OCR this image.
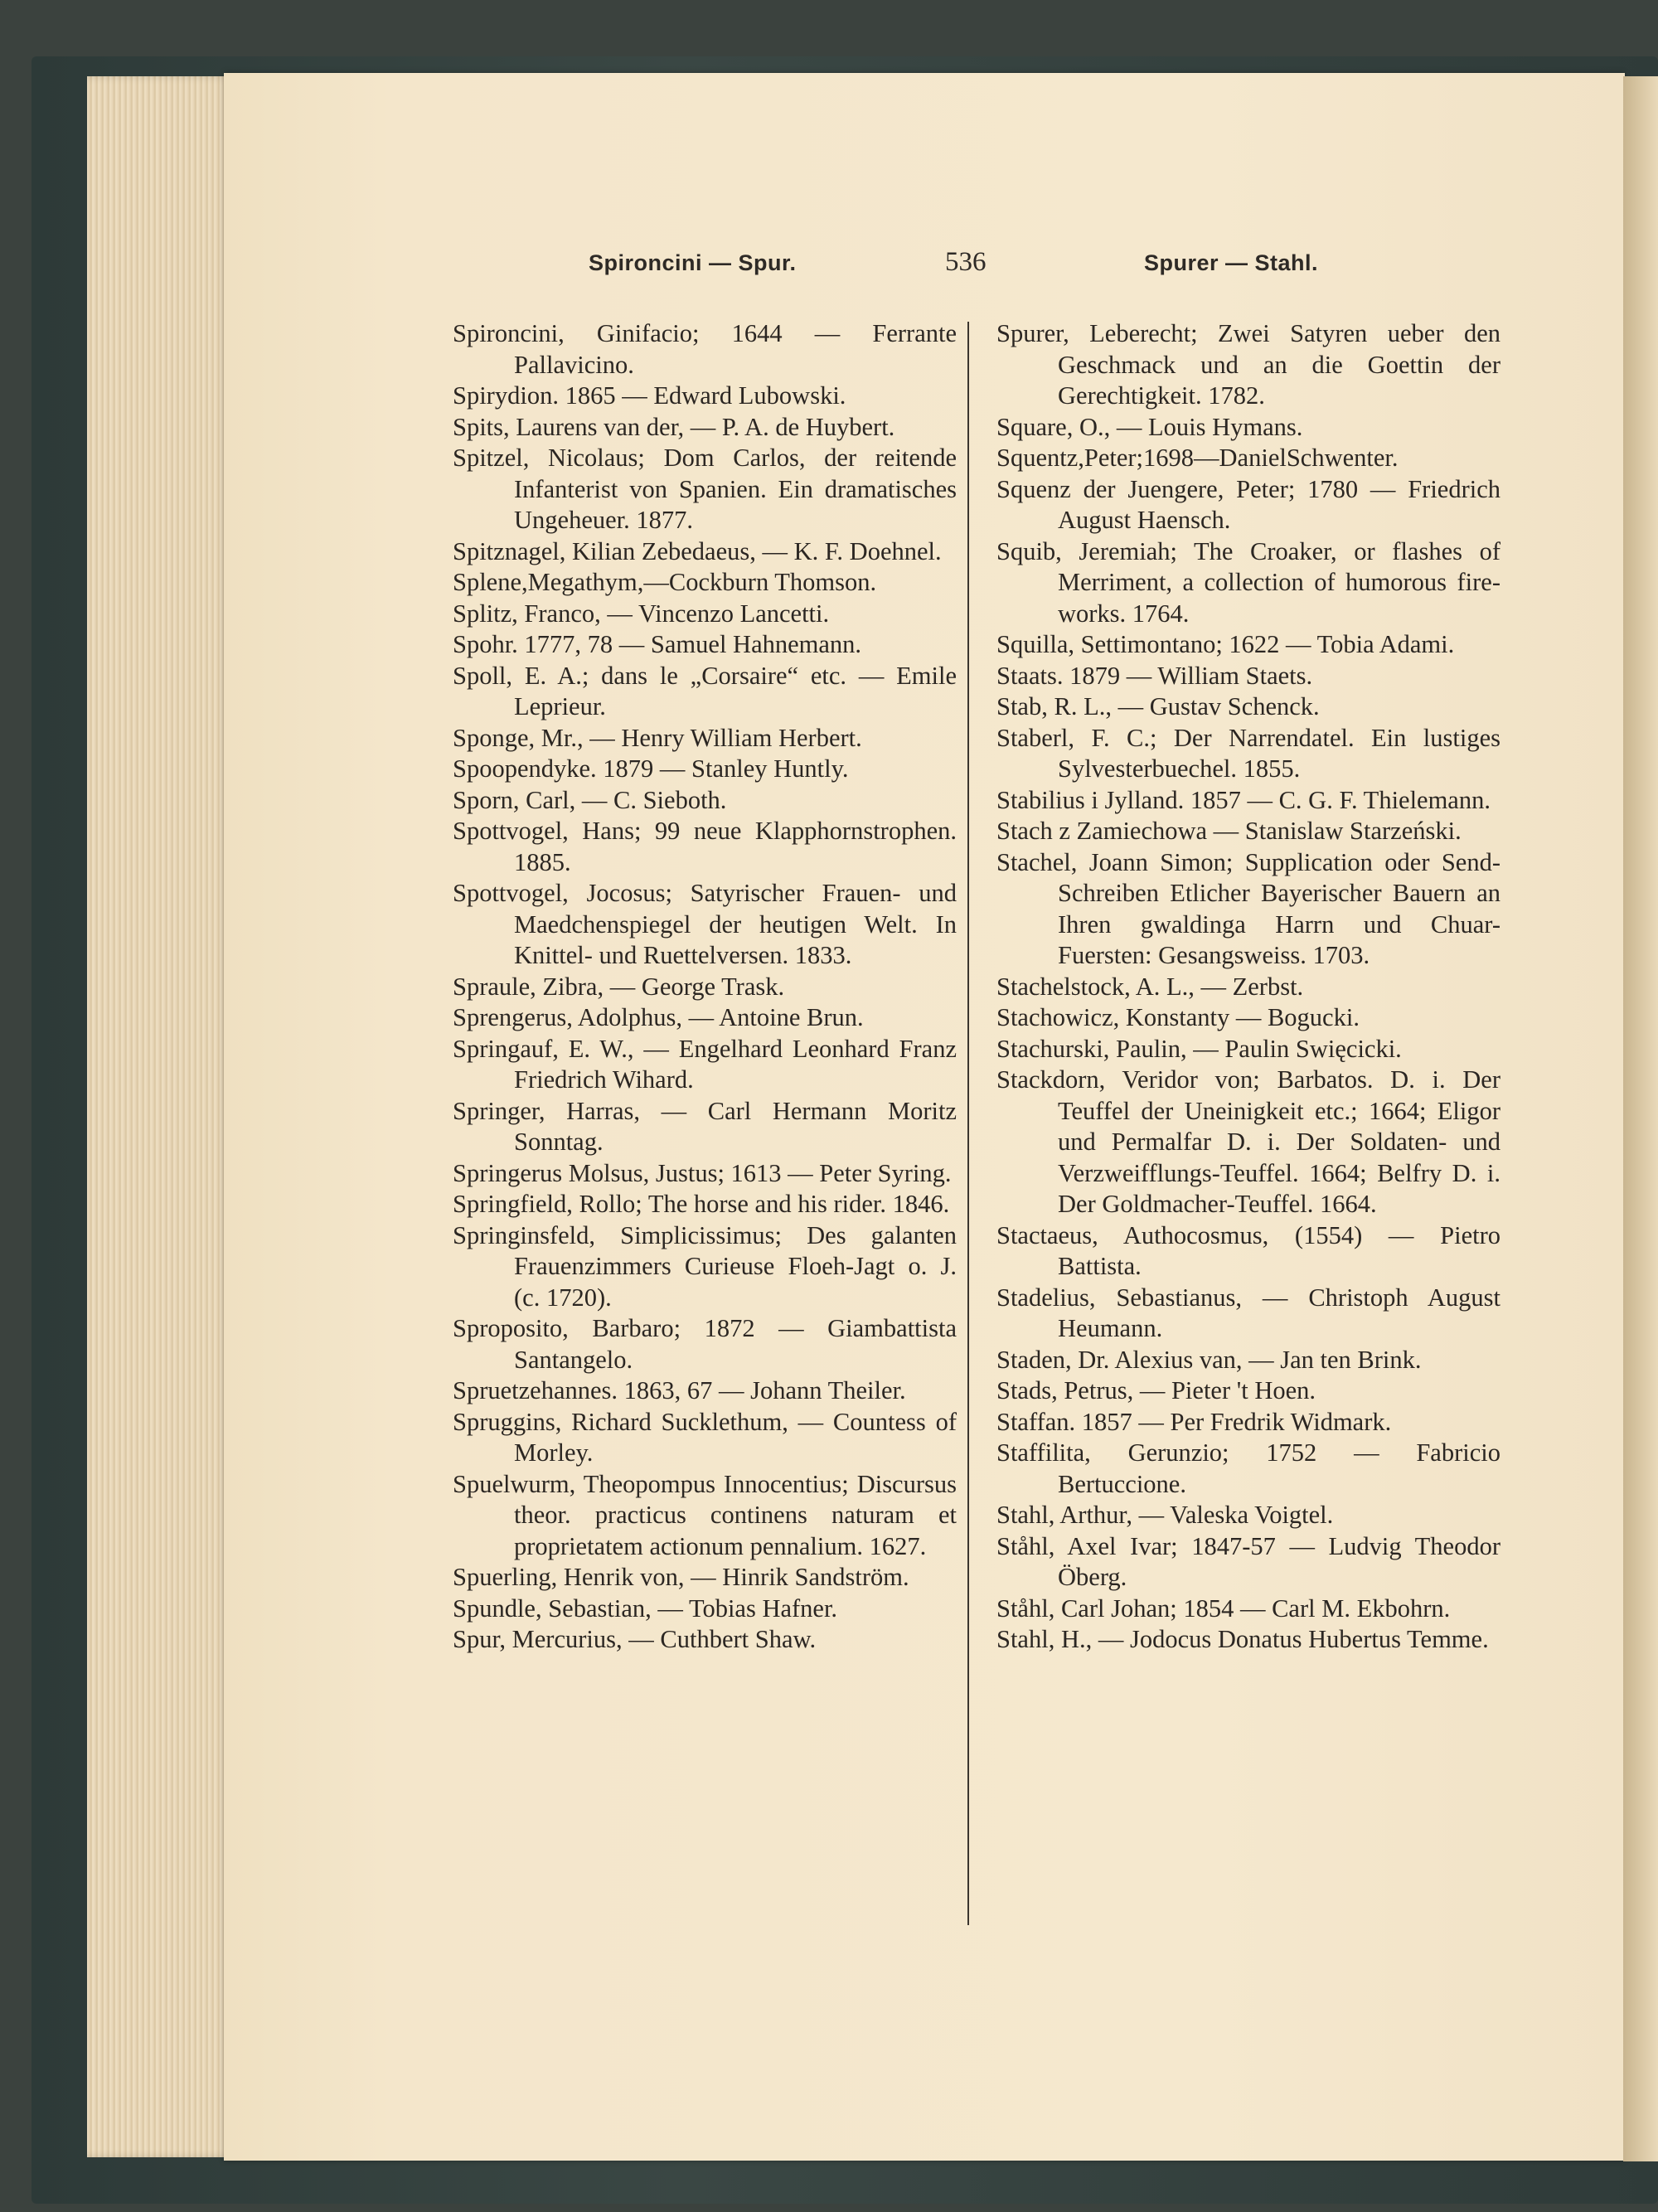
Spironcini — Spur.	536	Spurer — Stahl.

Spironcini, Ginifacio; 1644 — Ferrante Pallavicino.

Spirydion. 1865 — Edward Lubowski.

Spits, Laurens van der, — P. A. de Huybert.

Spitzel, Nicolaus; Dom Carlos, der reitende Infanterist von Spanien. Ein dramatisches Ungeheuer. 1877.

Spitznagel, Kilian Zebedaeus, — K. F. Doehnel.

Splene,Megathym,—Cockburn Thomson.

Splitz, Franco, — Vincenzo Lancetti.

Spohr. 1777, 78 — Samuel Hahnemann.

Spoll, E. A.; dans le „Corsaire“ etc. — Emile Leprieur.

Sponge, Mr., — Henry William Herbert.

Spoopendyke. 1879 — Stanley Huntly.

Sporn, Carl, — C. Sieboth.

Spottvogel, Hans; 99 neue Klapphornstrophen. 1885.

Spottvogel, Jocosus; Satyrischer Frauen- und Maedchenspiegel der heutigen Welt. In Knittel- und Ruettelversen. 1833.

Spraule, Zibra, — George Trask.

Sprengerus, Adolphus, — Antoine Brun.

Springauf, E. W., — Engelhard Leonhard Franz Friedrich Wihard.

Springer, Harras, — Carl Hermann Moritz Sonntag.

Springerus Molsus, Justus; 1613 — Peter Syring.

Springfield, Rollo; The horse and his rider. 1846.

Springinsfeld, Simplicissimus; Des galanten Frauenzimmers Curieuse Floeh-Jagt o. J. (c. 1720).

Sproposito, Barbaro; 1872 — Giambattista Santangelo.

Spruetzehannes. 1863, 67 — Johann Theiler.

Spruggins, Richard Sucklethum, — Countess of Morley.

Spuelwurm, Theopompus Innocentius; Discursus theor. practicus continens naturam et proprietatem actionum pennalium. 1627.

Spuerling, Henrik von, — Hinrik Sandström.

Spundle, Sebastian, — Tobias Hafner.

Spur, Mercurius, — Cuthbert Shaw.

Spurer, Leberecht; Zwei Satyren ueber den Geschmack und an die Goettin der Gerechtigkeit. 1782.

Square, O., — Louis Hymans.

Squentz,Peter;1698—DanielSchwenter.

Squenz der Juengere, Peter; 1780 — Friedrich August Haensch.

Squib, Jeremiah; The Croaker, or flashes of Merriment, a collection of humorous fire-works. 1764.

Squilla, Settimontano; 1622 — Tobia Adami.

Staats. 1879 — William Staets.

Stab, R. L., — Gustav Schenck.

Staberl, F. C.; Der Narrendatel. Ein lustiges Sylvesterbuechel. 1855.

Stabilius i Jylland. 1857 — C. G. F. Thielemann.

Stach z Zamiechowa — Stanislaw Starzeński.

Stachel, Joann Simon; Supplication oder Send-Schreiben Etlicher Bayerischer Bauern an Ihren gwaldinga Harrn und Chuar-Fuersten: Gesangsweiss. 1703.

Stachelstock, A. L., — Zerbst.

Stachowicz, Konstanty — Bogucki.

Stachurski, Paulin, — Paulin Swięcicki.

Stackdorn, Veridor von; Barbatos. D. i. Der Teuffel der Uneinigkeit etc.; 1664; Eligor und Permalfar D. i. Der Soldaten- und Verzweifflungs-Teuffel. 1664; Belfry D. i. Der Goldmacher-Teuffel. 1664.

Stactaeus, Authocosmus, (1554) — Pietro Battista.

Stadelius, Sebastianus, — Christoph August Heumann.

Staden, Dr. Alexius van, — Jan ten Brink.

Stads, Petrus, — Pieter 't Hoen.

Staffan. 1857 — Per Fredrik Widmark.

Staffilita, Gerunzio; 1752 — Fabricio Bertuccione.

Stahl, Arthur, — Valeska Voigtel.

Ståhl, Axel Ivar; 1847-57 — Ludvig Theodor Öberg.

Ståhl, Carl Johan; 1854 — Carl M. Ekbohrn.

Stahl, H., — Jodocus Donatus Hubertus Temme.
